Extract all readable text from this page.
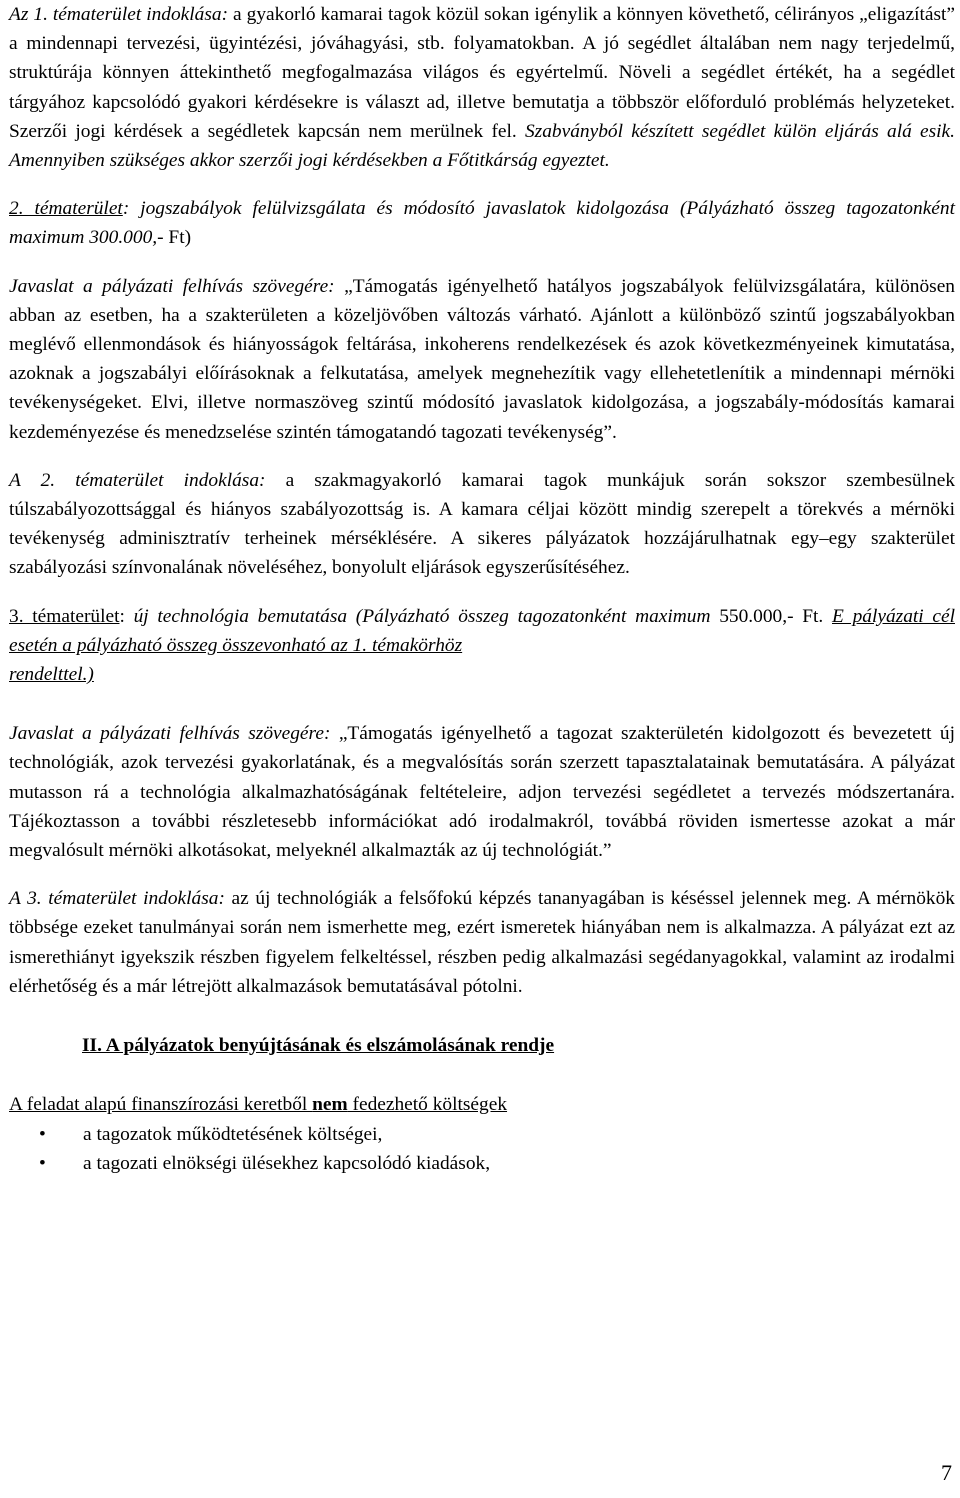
Az 1. tématerület indoklása: a gyakorló kamarai tagok közül sokan igénylik a könnyen követhető, célirányos „eligazítást” a mindennapi tervezési, ügyintézési, jóváhagyási, stb. folyamatokban. A jó segédlet általában nem nagy terjedelmű, struktúrája könnyen áttekinthető megfogalmazása világos és egyértelmű. Növeli a segédlet értékét, ha a segédlet tárgyához kapcsolódó gyakori kérdésekre is választ ad, illetve bemutatja a többször előforduló problémás helyzeteket. Szerzői jogi kérdések a segédletek kapcsán nem merülnek fel. Szabványból készített segédlet külön eljárás alá esik. Amennyiben szükséges akkor szerzői jogi kérdésekben a Főtitkárság egyeztet.

2. tématerület: jogszabályok felülvizsgálata és módosító javaslatok kidolgozása (Pályázható összeg tagozatonként maximum 300.000,- Ft)

Javaslat a pályázati felhívás szövegére: „Támogatás igényelhető hatályos jogszabályok felülvizsgálatára, különösen abban az esetben, ha a szakterületen a közeljövőben változás várható. Ajánlott a különböző szintű jogszabályokban meglévő ellenmondások és hiányosságok feltárása, inkoherens rendelkezések és azok következményeinek kimutatása, azoknak a jogszabályi előírásoknak a felkutatása, amelyek megnehezítik vagy ellehetetlenítik a mindennapi mérnöki tevékenységeket. Elvi, illetve normaszöveg szintű módosító javaslatok kidolgozása, a jogszabály-módosítás kamarai kezdeményezése és menedzselése szintén támogatandó tagozati tevékenység”.

A 2. tématerület indoklása: a szakmagyakorló kamarai tagok munkájuk során sokszor szembesülnek túlszabályozottsággal és hiányos szabályozottság is. A kamara céljai között mindig szerepelt a törekvés a mérnöki tevékenység adminisztratív terheinek mérséklésére. A sikeres pályázatok hozzájárulhatnak egy–egy szakterület szabályozási színvonalának növeléséhez, bonyolult eljárások egyszerűsítéséhez.

3. tématerület: új technológia bemutatása (Pályázható összeg tagozatonként maximum 550.000,- Ft. E pályázati cél esetén a pályázható összeg összevonható az 1. témakörhöz
rendelttel.)

Javaslat a pályázati felhívás szövegére: „Támogatás igényelhető a tagozat szakterületén kidolgozott és bevezetett új technológiák, azok tervezési gyakorlatának, és a megvalósítás során szerzett tapasztalatainak bemutatására. A pályázat mutasson rá a technológia alkalmazhatóságának feltételeire, adjon tervezési segédletet a tervezés módszertanára. Tájékoztasson a további részletesebb információkat adó irodalmakról, továbbá röviden ismertesse azokat a már megvalósult mérnöki alkotásokat, melyeknél alkalmazták az új technológiát.”

A 3. tématerület indoklása: az új technológiák a felsőfokú képzés tananyagában is késéssel jelennek meg. A mérnökök többsége ezeket tanulmányai során nem ismerhette meg, ezért ismeretek hiányában nem is alkalmazza. A pályázat ezt az ismerethiányt igyekszik részben figyelem felkeltéssel, részben pedig alkalmazási segédanyagokkal, valamint az irodalmi elérhetőség és a már létrejött alkalmazások bemutatásával pótolni.

II. A pályázatok benyújtásának és elszámolásának rendje

A feladat alapú finanszírozási keretből nem fedezhető költségek

• a tagozatok működtetésének költségei,
• a tagozati elnökségi ülésekhez kapcsolódó kiadások,
7
